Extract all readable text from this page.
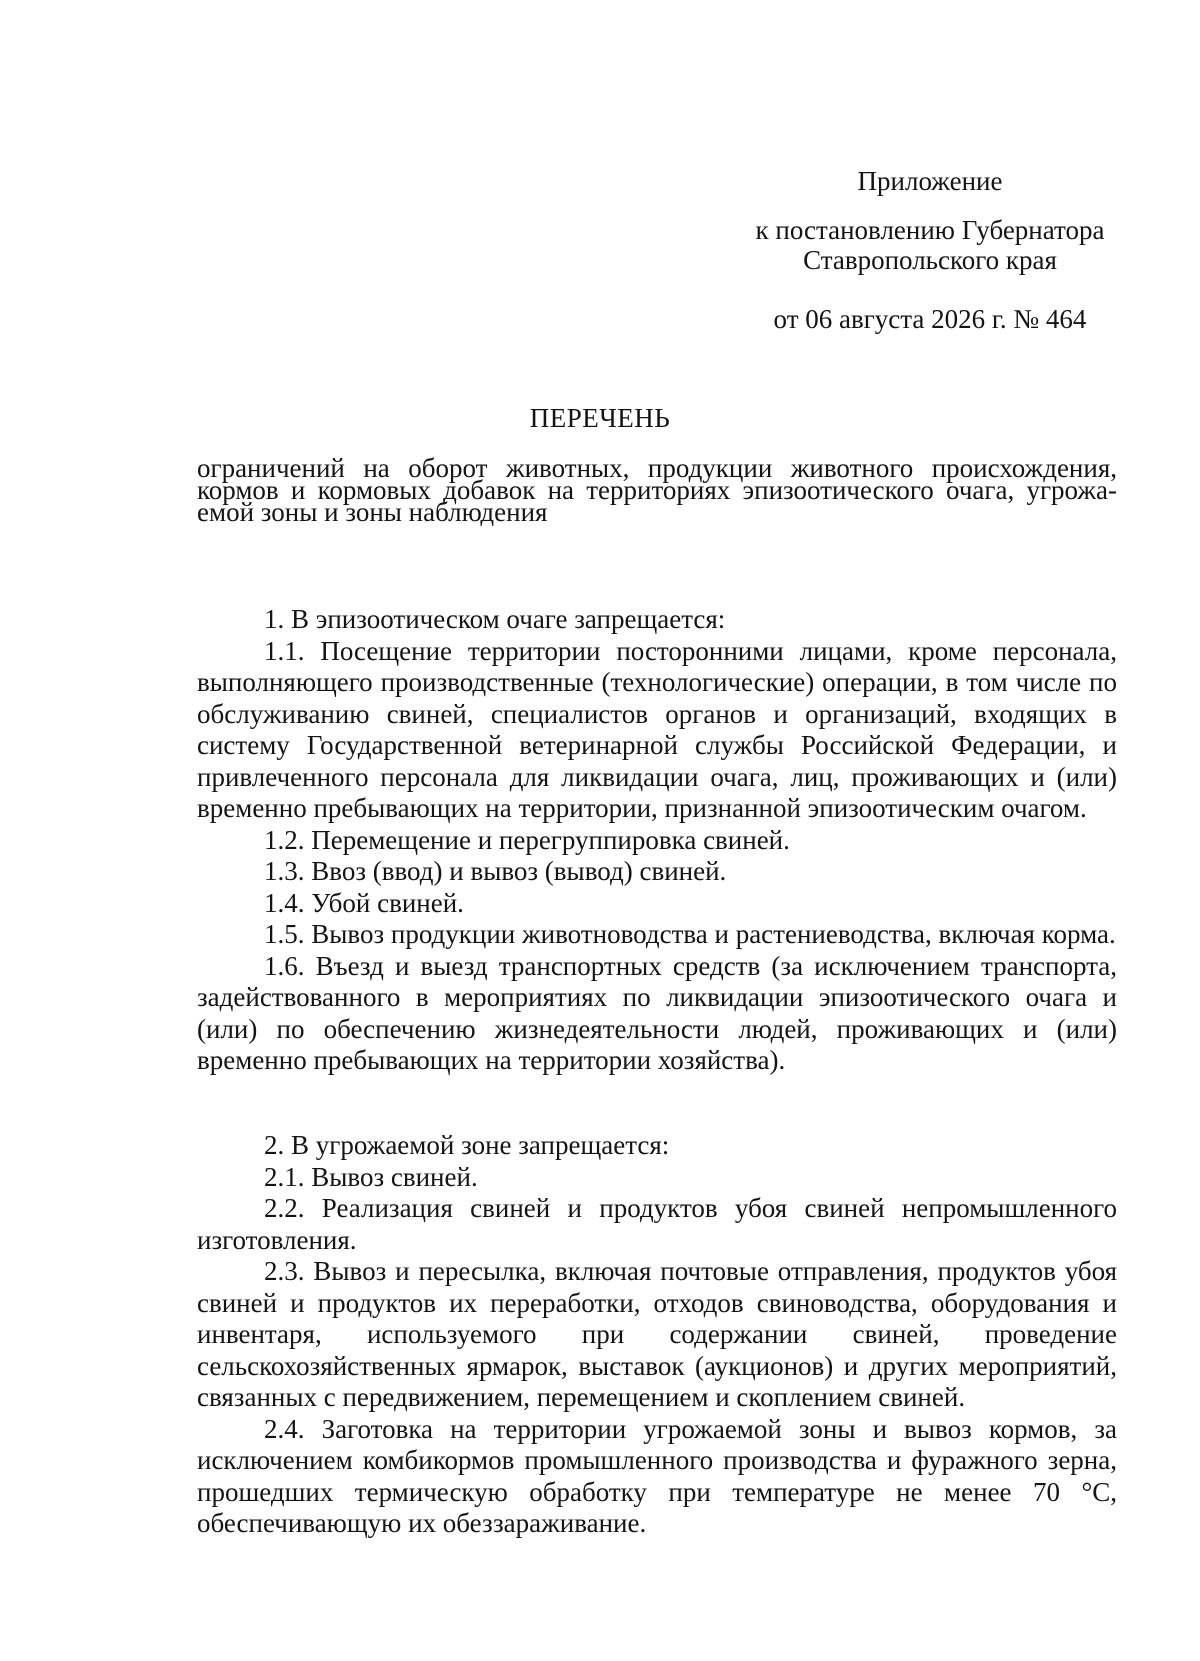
Приложение
к постановлению Губернатора
Ставропольского края
от 06 августа 2026 г. № 464
ПЕРЕЧЕНЬ
ограничений на оборот животных, продукции животного происхождения,
кормов и кормовых добавок на территориях эпизоотического очага, угрожа-
емой зоны и зоны наблюдения

1. В эпизоотическом очаге запрещается:

1.1. Посещение территории посторонними лицами, кроме персонала, выполняющего производственные (технологические) операции, в том числе по обслуживанию свиней, специалистов органов и организаций, входящих в систему Государственной ветеринарной службы Российской Федерации, и привлеченного персонала для ликвидации очага, лиц, проживающих и (или) временно пребывающих на территории, признанной эпизоотическим очагом.

1.2. Перемещение и перегруппировка свиней.

1.3. Ввоз (ввод) и вывоз (вывод) свиней.

1.4. Убой свиней.

1.5. Вывоз продукции животноводства и растениеводства, включая корма.

1.6. Въезд и выезд транспортных средств (за исключением транспорта, задействованного в мероприятиях по ликвидации эпизоотического очага и (или) по обеспечению жизнедеятельности людей, проживающих и (или) временно пребывающих на территории хозяйства).

2. В угрожаемой зоне запрещается:

2.1. Вывоз свиней.

2.2. Реализация свиней и продуктов убоя свиней непромышленного изготовления.

2.3. Вывоз и пересылка, включая почтовые отправления, продуктов убоя свиней и продуктов их переработки, отходов свиноводства, оборудования и инвентаря, используемого при содержании свиней, проведение сельскохозяйственных ярмарок, выставок (аукционов) и других мероприятий, связанных с передвижением, перемещением и скоплением свиней.

2.4. Заготовка на территории угрожаемой зоны и вывоз кормов, за исключением комбикормов промышленного производства и фуражного зерна, прошедших термическую обработку при температуре не менее 70 °С, обеспечивающую их обеззараживание.
